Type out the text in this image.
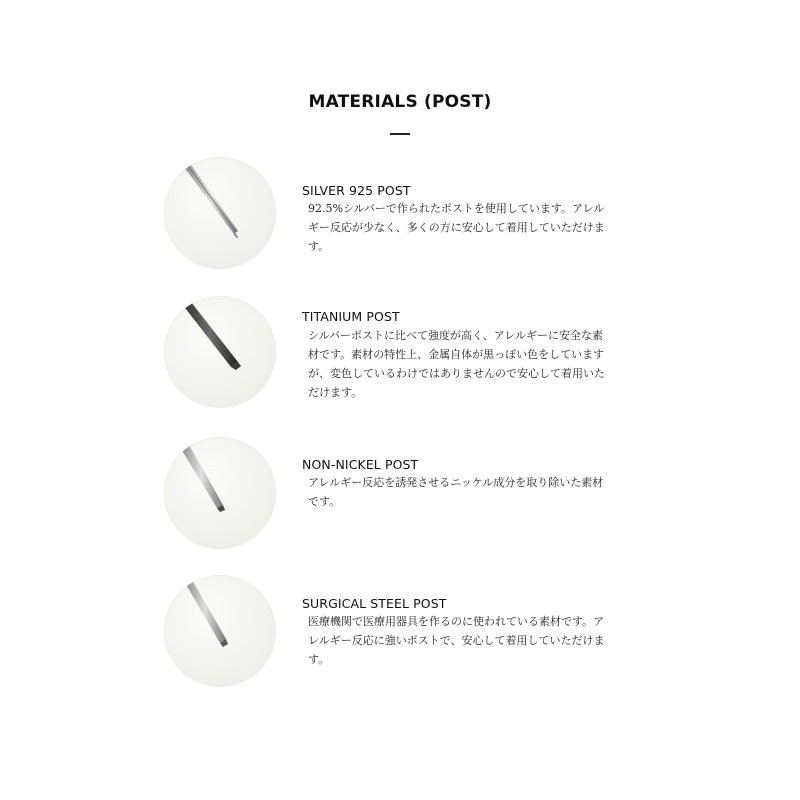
MATERIALS (POST)
SILVER 925 POST

92.5%シルバーで作られたポストを使用しています。アレルギー反応が少なく、多くの方に安心して着用していただけます。

TITANIUM POST

シルバーポストに比べて強度が高く、アレルギーに安全な素材です。素材の特性上、金属自体が黒っぽい色をしていますが、変色しているわけではありませんので安心して着用いただけます。

NON-NICKEL POST

アレルギー反応を誘発させるニッケル成分を取り除いた素材です。

SURGICAL STEEL POST

医療機関で医療用器具を作るのに使われている素材です。アレルギー反応に強いポストで、安心して着用していただけます。
